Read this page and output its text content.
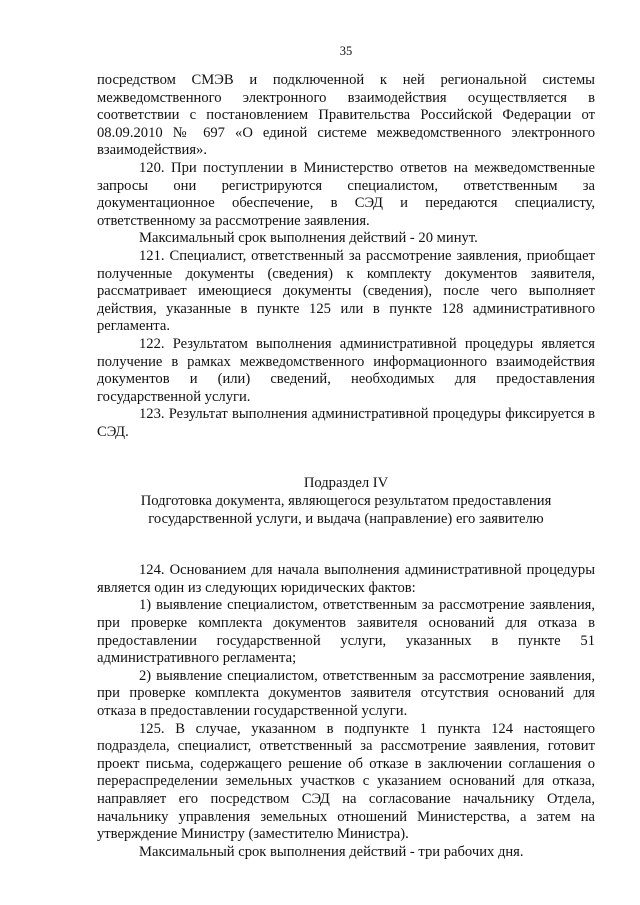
35

посредством СМЭВ и подключенной к ней региональной системы межведомственного электронного взаимодействия осуществляется в соответствии с постановлением Правительства Российской Федерации от 08.09.2010 № 697 «О единой системе межведомственного электронного взаимодействия».

120. При поступлении в Министерство ответов на межведомственные запросы они регистрируются специалистом, ответственным за документационное обеспечение, в СЭД и передаются специалисту, ответственному за рассмотрение заявления.

Максимальный срок выполнения действий - 20 минут.

121. Специалист, ответственный за рассмотрение заявления, приобщает полученные документы (сведения) к комплекту документов заявителя, рассматривает имеющиеся документы (сведения), после чего выполняет действия, указанные в пункте 125 или в пункте 128 административного регламента.

122. Результатом выполнения административной процедуры является получение в рамках межведомственного информационного взаимодействия документов и (или) сведений, необходимых для предоставления государственной услуги.

123. Результат выполнения административной процедуры фиксируется в СЭД.

Подраздел IV

Подготовка документа, являющегося результатом предоставления государственной услуги, и выдача (направление) его заявителю

124. Основанием для начала выполнения административной процедуры является один из следующих юридических фактов:

1) выявление специалистом, ответственным за рассмотрение заявления, при проверке комплекта документов заявителя оснований для отказа в предоставлении государственной услуги, указанных в пункте 51 административного регламента;

2) выявление специалистом, ответственным за рассмотрение заявления, при проверке комплекта документов заявителя отсутствия оснований для отказа в предоставлении государственной услуги.

125. В случае, указанном в подпункте 1 пункта 124 настоящего подраздела, специалист, ответственный за рассмотрение заявления, готовит проект письма, содержащего решение об отказе в заключении соглашения о перераспределении земельных участков с указанием оснований для отказа, направляет его посредством СЭД на согласование начальнику Отдела, начальнику управления земельных отношений Министерства, а затем на утверждение Министру (заместителю Министра).

Максимальный срок выполнения действий - три рабочих дня.
